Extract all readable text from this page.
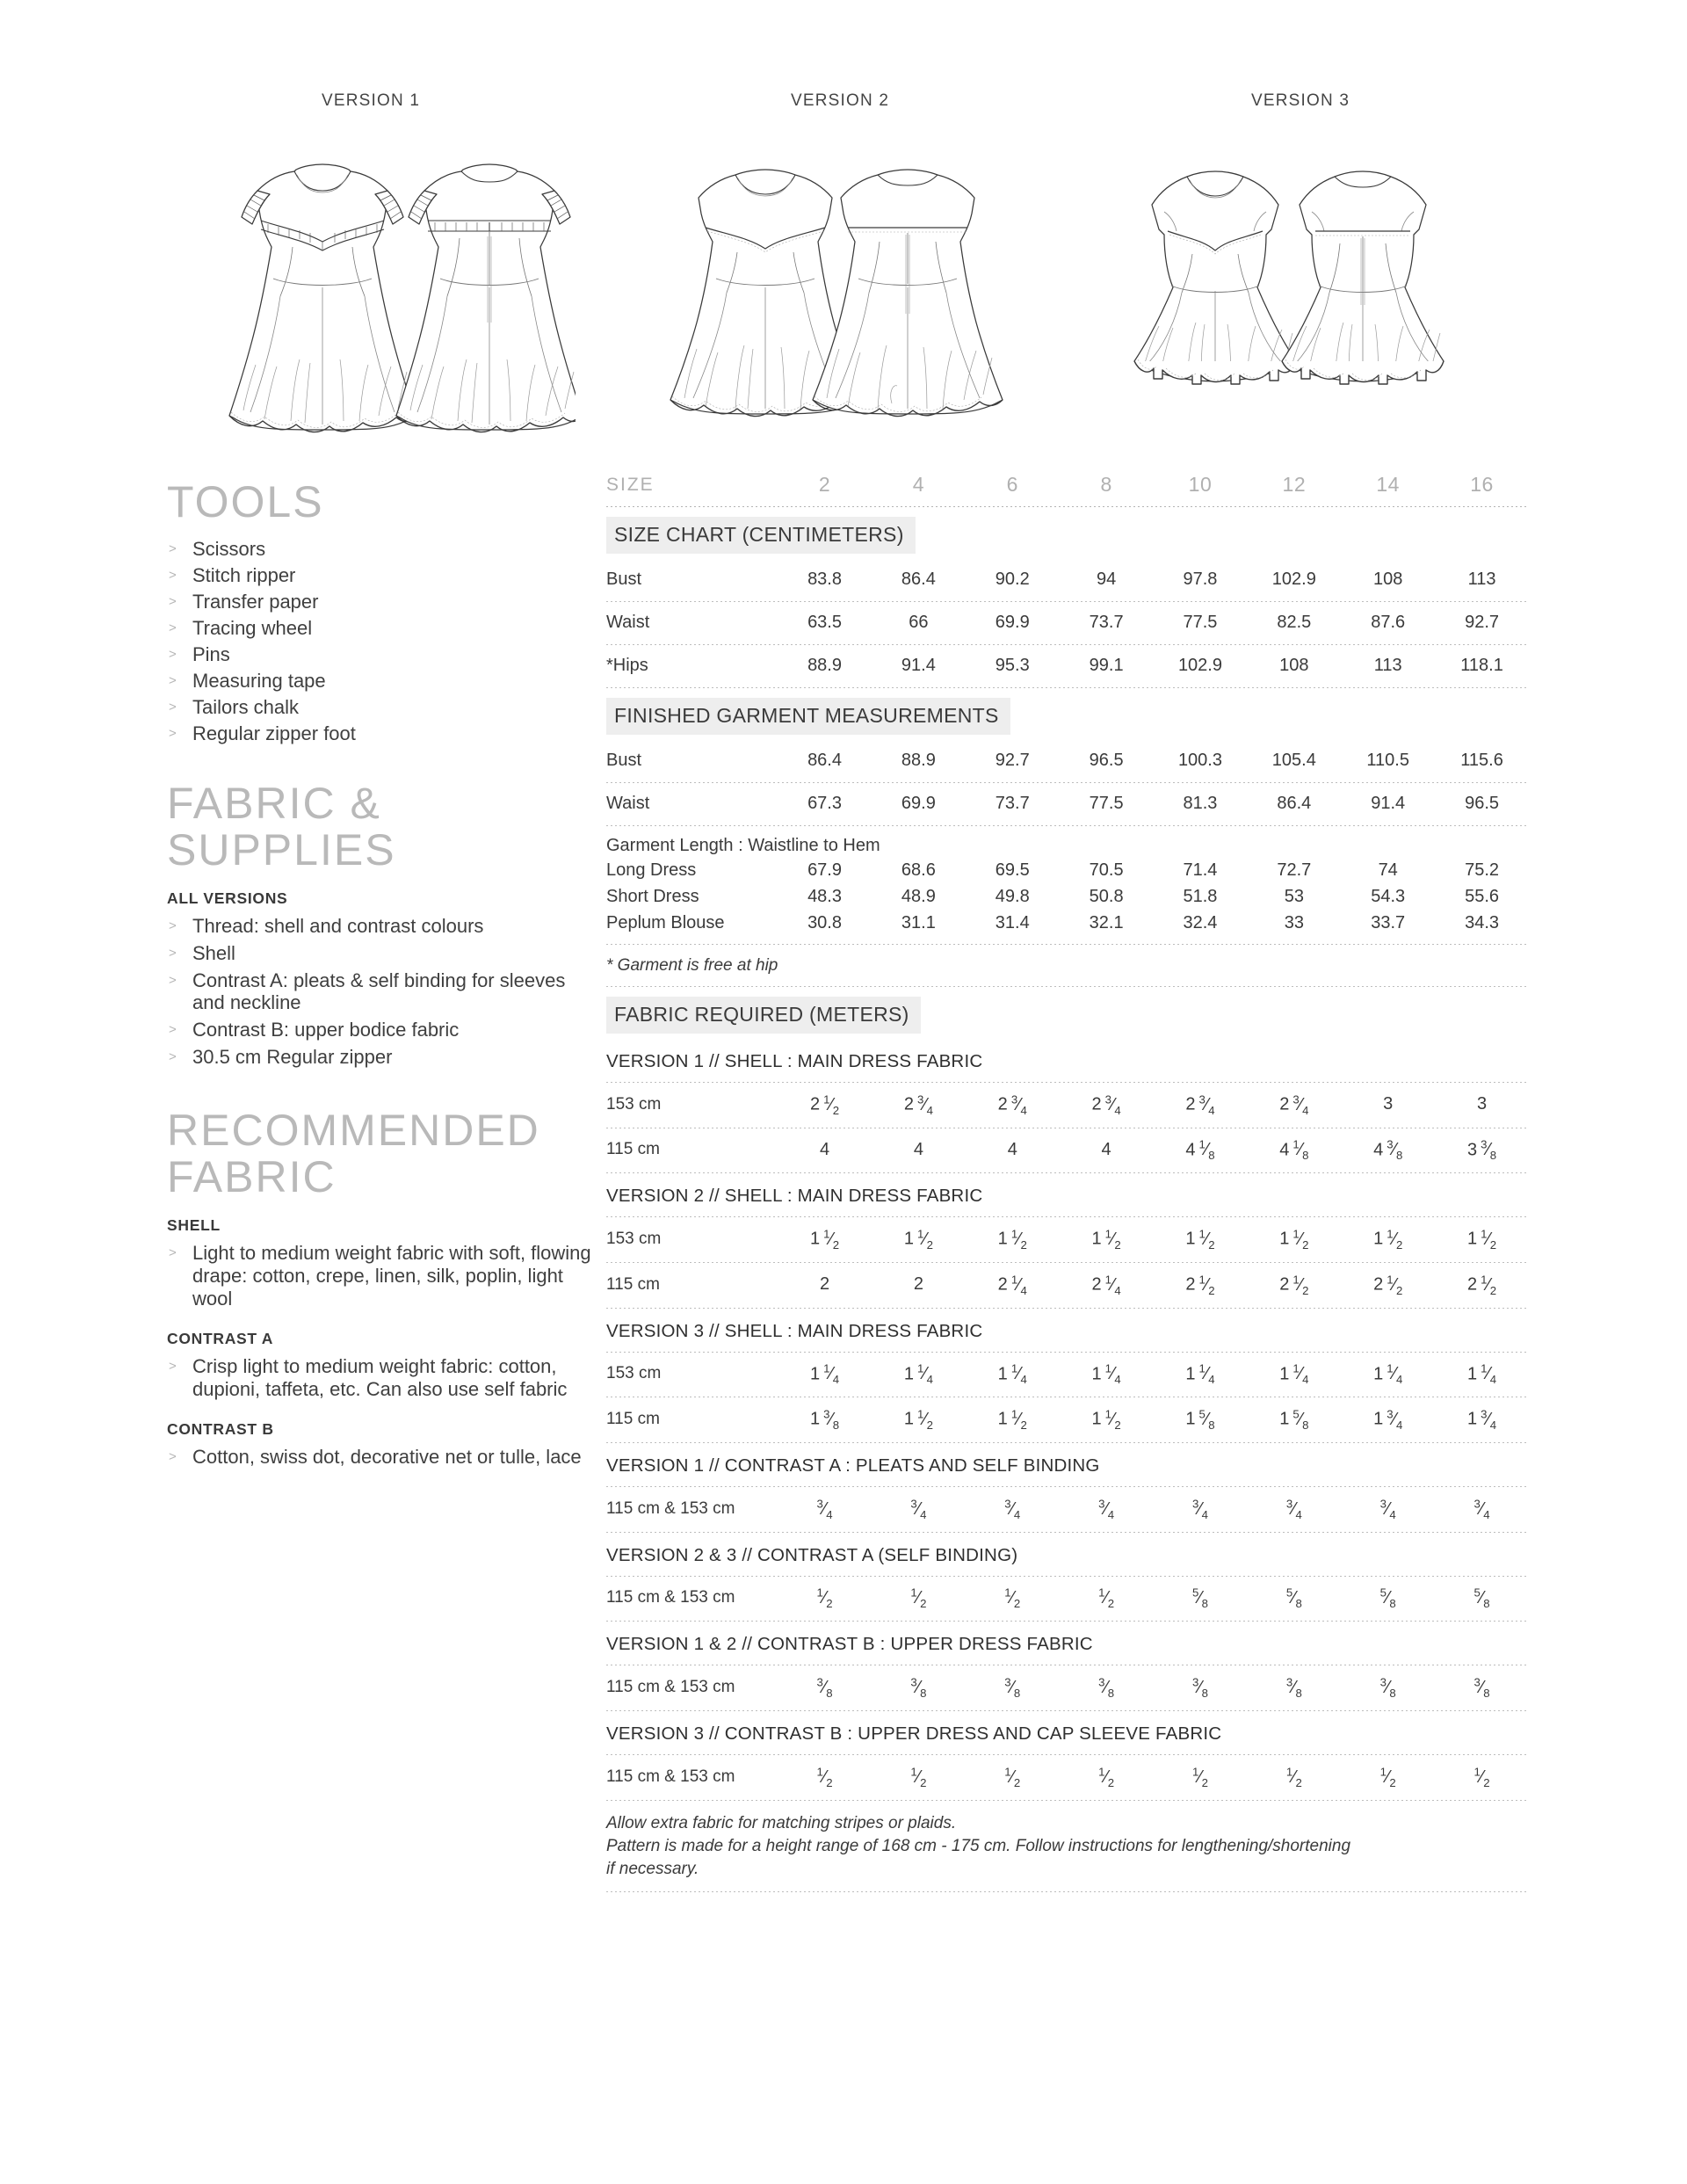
VERSION 1	VERSION 2	VERSION 3
TOOLS
> Scissors
> Stitch ripper
> Transfer paper
> Tracing wheel
> Pins
> Measuring tape
> Tailors chalk
> Regular zipper foot
FABRIC & SUPPLIES
ALL VERSIONS
> Thread: shell and contrast colours
> Shell
> Contrast A: pleats & self binding for sleeves and neckline
> Contrast B: upper bodice fabric
> 30.5 cm Regular zipper
RECOMMENDED FABRIC
SHELL
> Light to medium weight fabric with soft, flowing drape: cotton, crepe, linen, silk, poplin, light wool
CONTRAST A
> Crisp light to medium weight fabric: cotton, dupioni, taffeta, etc. Can also use self fabric
CONTRAST B
> Cotton, swiss dot, decorative net or tulle, lace
SIZE	2	4	6	8	10	12	14	16
SIZE CHART (CENTIMETERS)
Bust	83.8	86.4	90.2	94	97.8	102.9	108	113
Waist	63.5	66	69.9	73.7	77.5	82.5	87.6	92.7
*Hips	88.9	91.4	95.3	99.1	102.9	108	113	118.1
FINISHED GARMENT MEASUREMENTS
Bust	86.4	88.9	92.7	96.5	100.3	105.4	110.5	115.6
Waist	67.3	69.9	73.7	77.5	81.3	86.4	91.4	96.5
Garment Length : Waistline to Hem
Long Dress	67.9	68.6	69.5	70.5	71.4	72.7	74	75.2
Short Dress	48.3	48.9	49.8	50.8	51.8	53	54.3	55.6
Peplum Blouse	30.8	31.1	31.4	32.1	32.4	33	33.7	34.3
* Garment is free at hip
FABRIC REQUIRED (METERS)
VERSION 1 // SHELL : MAIN DRESS FABRIC
153 cm	2 $^1⁄_2$	2 $^3⁄_4$	2 $^3⁄_4$	2 $^3⁄_4$	2 $^3⁄_4$	2 $^3⁄_4$	3	3
115 cm	4	4	4	4	4 $^1⁄_8$	4 $^1⁄_8$	4 $^3⁄_8$	3 $^3⁄_8$
VERSION 2 // SHELL : MAIN DRESS FABRIC
153 cm	1 $^1⁄_2$	1 $^1⁄_2$	1 $^1⁄_2$	1 $^1⁄_2$	1 $^1⁄_2$	1 $^1⁄_2$	1 $^1⁄_2$	1 $^1⁄_2$
115 cm	2	2	2 $^1⁄_4$	2 $^1⁄_4$	2 $^1⁄_2$	2 $^1⁄_2$	2 $^1⁄_2$	2 $^1⁄_2$
VERSION 3 // SHELL : MAIN DRESS FABRIC
153 cm	1 $^1⁄_4$	1 $^1⁄_4$	1 $^1⁄_4$	1 $^1⁄_4$	1 $^1⁄_4$	1 $^1⁄_4$	1 $^1⁄_4$	1 $^1⁄_4$
115 cm	1 $^3⁄_8$	1 $^1⁄_2$	1 $^1⁄_2$	1 $^1⁄_2$	1 $^5⁄_8$	1 $^5⁄_8$	1 $^3⁄_4$	1 $^3⁄_4$
VERSION 1 // CONTRAST A : PLEATS AND SELF BINDING
115 cm & 153 cm	$^3⁄_4$	$^3⁄_4$	$^3⁄_4$	$^3⁄_4$	$^3⁄_4$	$^3⁄_4$	$^3⁄_4$	$^3⁄_4$
VERSION 2 & 3 // CONTRAST A (SELF BINDING)
115 cm & 153 cm	$^1⁄_2$	$^1⁄_2$	$^1⁄_2$	$^1⁄_2$	$^5⁄_8$	$^5⁄_8$	$^5⁄_8$	$^5⁄_8$
VERSION 1 & 2 // CONTRAST B : UPPER DRESS FABRIC
115 cm & 153 cm	$^3⁄_8$	$^3⁄_8$	$^3⁄_8$	$^3⁄_8$	$^3⁄_8$	$^3⁄_8$	$^3⁄_8$	$^3⁄_8$
VERSION 3 // CONTRAST B : UPPER DRESS AND CAP SLEEVE FABRIC
115 cm & 153 cm	$^1⁄_2$	$^1⁄_2$	$^1⁄_2$	$^1⁄_2$	$^1⁄_2$	$^1⁄_2$	$^1⁄_2$	$^1⁄_2$
Allow extra fabric for matching stripes or plaids.
Pattern is made for a height range of 168 cm - 175 cm. Follow instructions for lengthening/shortening
if necessary.
